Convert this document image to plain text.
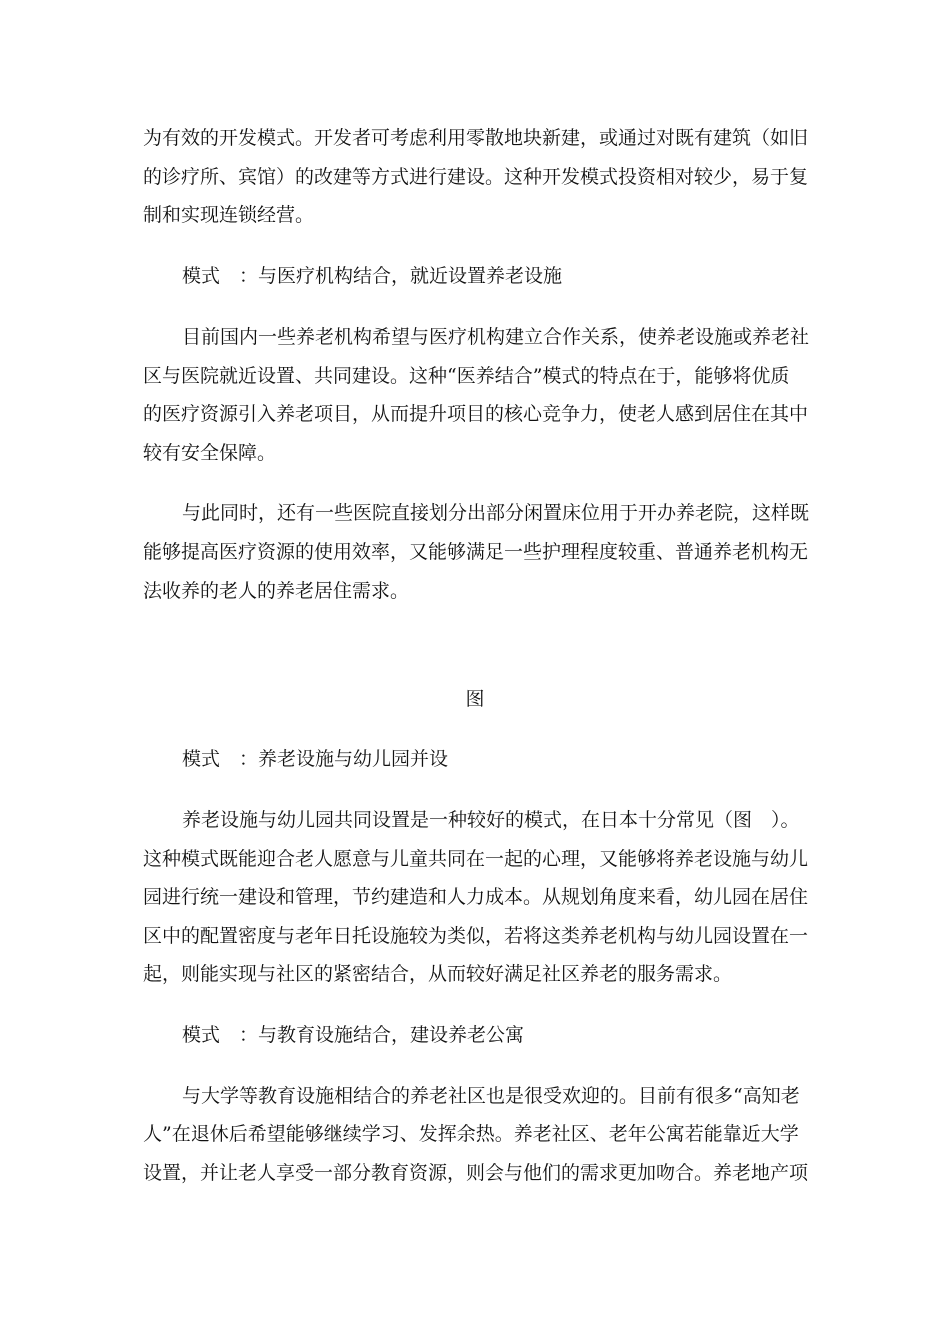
为有效的开发模式。开发者可考虑利用零散地块新建，或通过对既有建筑（如旧
的诊疗所、宾馆）的改建等方式进行建设。这种开发模式投资相对较少，易于复
制和实现连锁经营。
模式　：与医疗机构结合，就近设置养老设施
目前国内一些养老机构希望与医疗机构建立合作关系，使养老设施或养老社
区与医院就近设置、共同建设。这种“医养结合”模式的特点在于，能够将优质
的医疗资源引入养老项目，从而提升项目的核心竞争力，使老人感到居住在其中
较有安全保障。
与此同时，还有一些医院直接划分出部分闲置床位用于开办养老院，这样既
能够提高医疗资源的使用效率，又能够满足一些护理程度较重、普通养老机构无
法收养的老人的养老居住需求。
图
模式　：养老设施与幼儿园并设
养老设施与幼儿园共同设置是一种较好的模式，在日本十分常见（图　）。
这种模式既能迎合老人愿意与儿童共同在一起的心理，又能够将养老设施与幼儿
园进行统一建设和管理，节约建造和人力成本。从规划角度来看，幼儿园在居住
区中的配置密度与老年日托设施较为类似，若将这类养老机构与幼儿园设置在一
起，则能实现与社区的紧密结合，从而较好满足社区养老的服务需求。
模式　：与教育设施结合，建设养老公寓
与大学等教育设施相结合的养老社区也是很受欢迎的。目前有很多“高知老
人”在退休后希望能够继续学习、发挥余热。养老社区、老年公寓若能靠近大学
设置，并让老人享受一部分教育资源，则会与他们的需求更加吻合。养老地产项
